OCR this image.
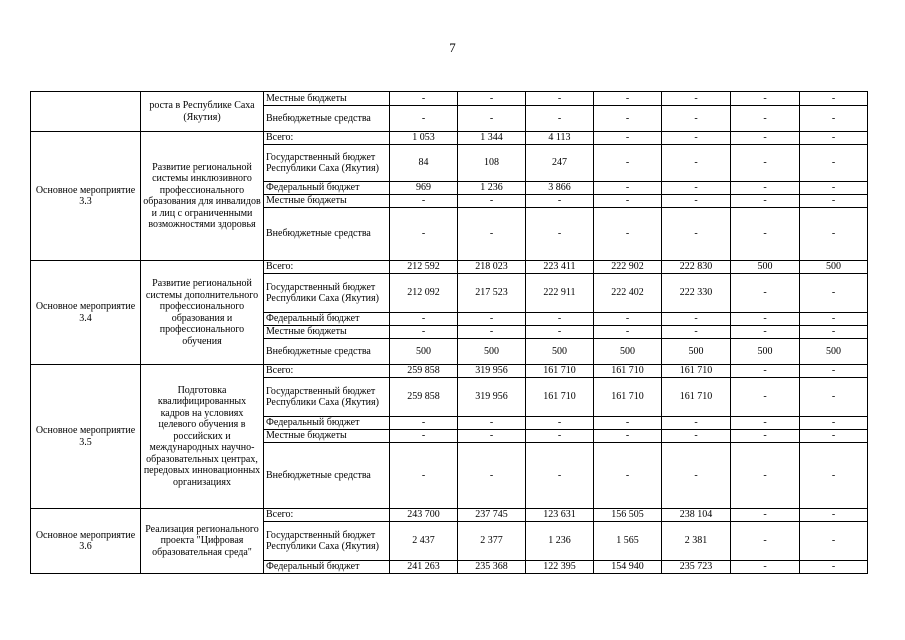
7
	роста в Республике Саха (Якутия)	Местные бюджеты	-	-	-	-	-	-	-
		Внебюджетные средства	-	-	-	-	-	-	-
Основное мероприятие 3.3	Развитие региональной системы инклюзивного профессионального образования для инвалидов и лиц с ограниченными возможностями здоровья	Всего:	1 053	1 344	4 113	-	-	-	-
		Государственный бюджет Республики Саха (Якутия)	84	108	247	-	-	-	-
		Федеральный бюджет	969	1 236	3 866	-	-	-	-
		Местные бюджеты	-	-	-	-	-	-	-
		Внебюджетные средства	-	-	-	-	-	-	-
Основное мероприятие 3.4	Развитие региональной системы дополнительного профессионального образования и профессионального обучения	Всего:	212 592	218 023	223 411	222 902	222 830	500	500
		Государственный бюджет Республики Саха (Якутия)	212 092	217 523	222 911	222 402	222 330	-	-
		Федеральный бюджет	-	-	-	-	-	-	-
		Местные бюджеты	-	-	-	-	-	-	-
		Внебюджетные средства	500	500	500	500	500	500	500
Основное мероприятие 3.5	Подготовка квалифицированных кадров на условиях целевого обучения в российских и международных научно-образовательных центрах, передовых инновационных организациях	Всего:	259 858	319 956	161 710	161 710	161 710	-	-
		Государственный бюджет Республики Саха (Якутия)	259 858	319 956	161 710	161 710	161 710	-	-
		Федеральный бюджет	-	-	-	-	-	-	-
		Местные бюджеты	-	-	-	-	-	-	-
		Внебюджетные средства	-	-	-	-	-	-	-
Основное мероприятие 3.6	Реализация регионального проекта "Цифровая образовательная среда"	Всего:	243 700	237 745	123 631	156 505	238 104	-	-
		Государственный бюджет Республики Саха (Якутия)	2 437	2 377	1 236	1 565	2 381	-	-
		Федеральный бюджет	241 263	235 368	122 395	154 940	235 723	-	-
